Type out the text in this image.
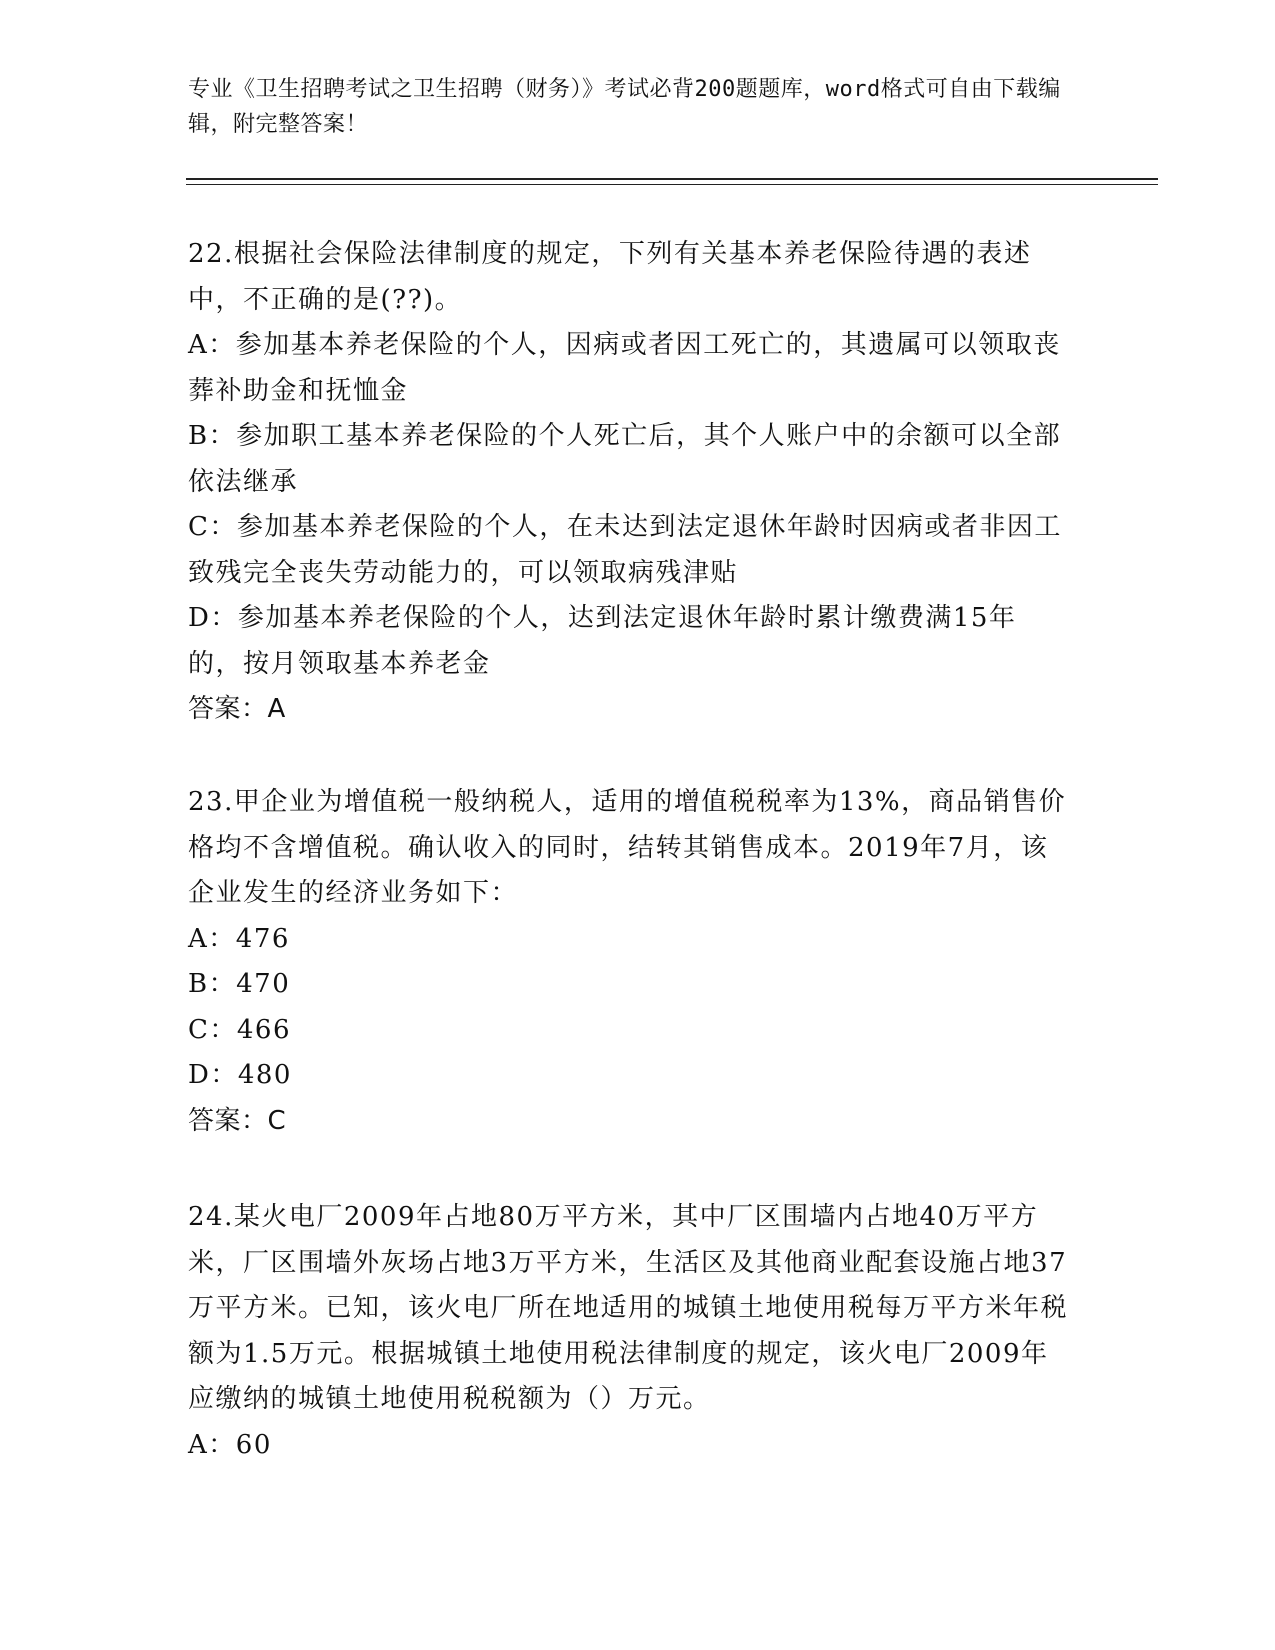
专业《卫生招聘考试之卫生招聘（财务）》考试必背200题题库，word格式可自由下载编辑，附完整答案！

22.根据社会保险法律制度的规定，下列有关基本养老保险待遇的表述中，不正确的是(??)。

A：参加基本养老保险的个人，因病或者因工死亡的，其遗属可以领取丧葬补助金和抚恤金

B：参加职工基本养老保险的个人死亡后，其个人账户中的余额可以全部依法继承

C：参加基本养老保险的个人，在未达到法定退休年龄时因病或者非因工致残完全丧失劳动能力的，可以领取病残津贴

D：参加基本养老保险的个人，达到法定退休年龄时累计缴费满15年的，按月领取基本养老金

答案：A

23.甲企业为增值税一般纳税人，适用的增值税税率为13%，商品销售价格均不含增值税。确认收入的同时，结转其销售成本。2019年7月，该企业发生的经济业务如下：

A：476

B：470

C：466

D：480

答案：C

24.某火电厂2009年占地80万平方米，其中厂区围墙内占地40万平方米，厂区围墙外灰场占地3万平方米，生活区及其他商业配套设施占地37万平方米。已知，该火电厂所在地适用的城镇土地使用税每万平方米年税额为1.5万元。根据城镇土地使用税法律制度的规定，该火电厂2009年应缴纳的城镇土地使用税税额为（）万元。

A：60
